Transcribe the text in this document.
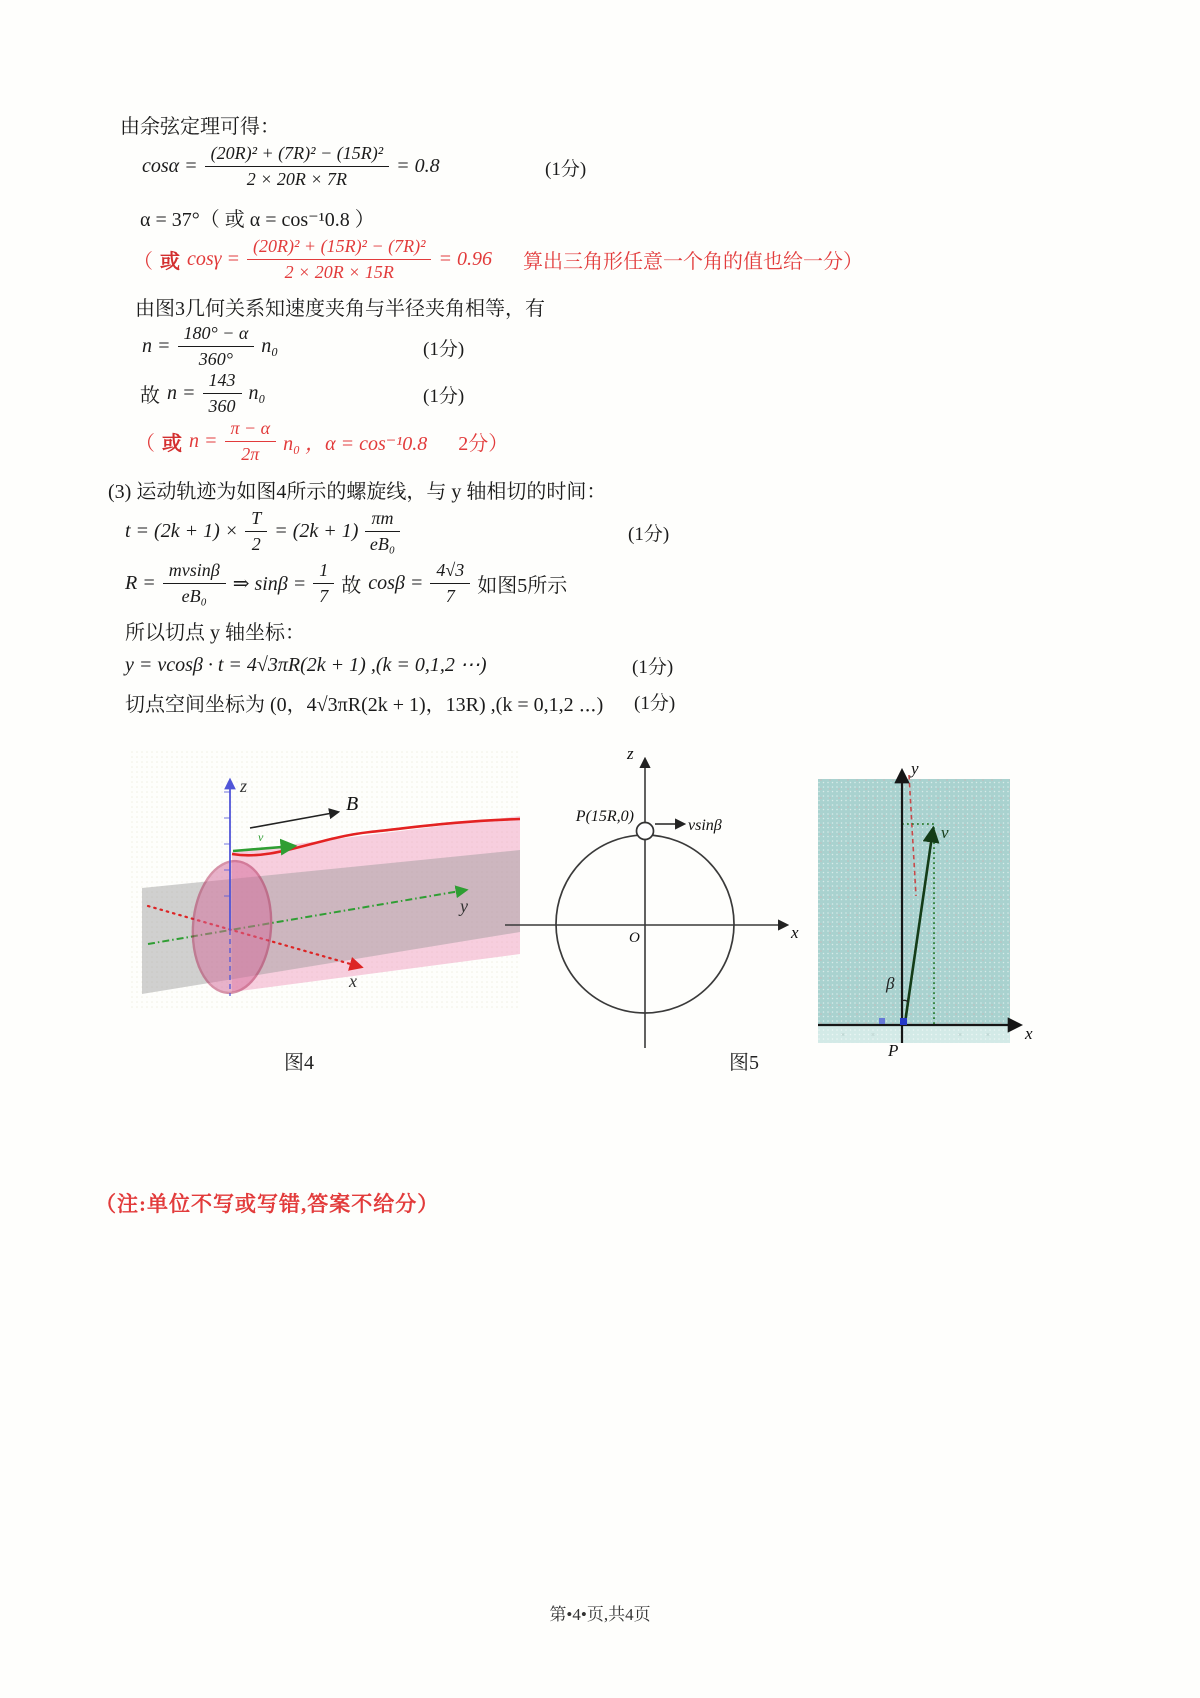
由余弦定理可得：
$\cos\alpha = \frac{\text{(20R)² + (7R)² − (15R)²}}{2 \times 20R \times 7R} = 0.8$	(1分)
α = 37°（ 或 α = cos⁻¹0.8 ）
（ 或 $\cos\gamma = \frac{\text{(20R)² + (15R)² − (7R)²}}{2 \times 20R \times 15R} = 0.96$ 算出三角形任意一个角的值也给一分）
由图3几何关系知速度夹角与半径夹角相等，有
$n = \frac{180^\circ - \alpha}{360^\circ} n_0$	(1分)
故 $n = \frac{143}{360} n_0$	(1分)
（ 或 $n = \frac{\pi - \alpha}{2\pi} n_0$ ，α = cos⁻¹0.8 2分）
(3) 运动轨迹为如图4所示的螺旋线，与 y 轴相切的时间：
$t = (2k + 1) \times \frac{T}{2} = (2k + 1) \frac{\pi m}{\text{eB₀}}$	(1分)
$R = \frac{mvsin\beta}{\text{eB₀}}$ ⇒ $\sin\beta = \frac{1}{7}$ 故 $\cos\beta = \frac{4√3}{7}$ 如图5所示
所以切点 y 轴坐标：
y = vcosβ · t = 4√3πR(2k + 1) ,(k = 0,1,2 ⋯)	(1分)
切点空间坐标为 (0，4√3πR(2k + 1)，13R) ,(k = 0,1,2 ⋯) (1分)
B
v
z
y
x
图4
vsinβ
P(15R,0)
O	x
z
图5
×	×	×	×
β
P
v
x
y
（注:单位不写或写错,答案不给分）
第•4•页,共4页
